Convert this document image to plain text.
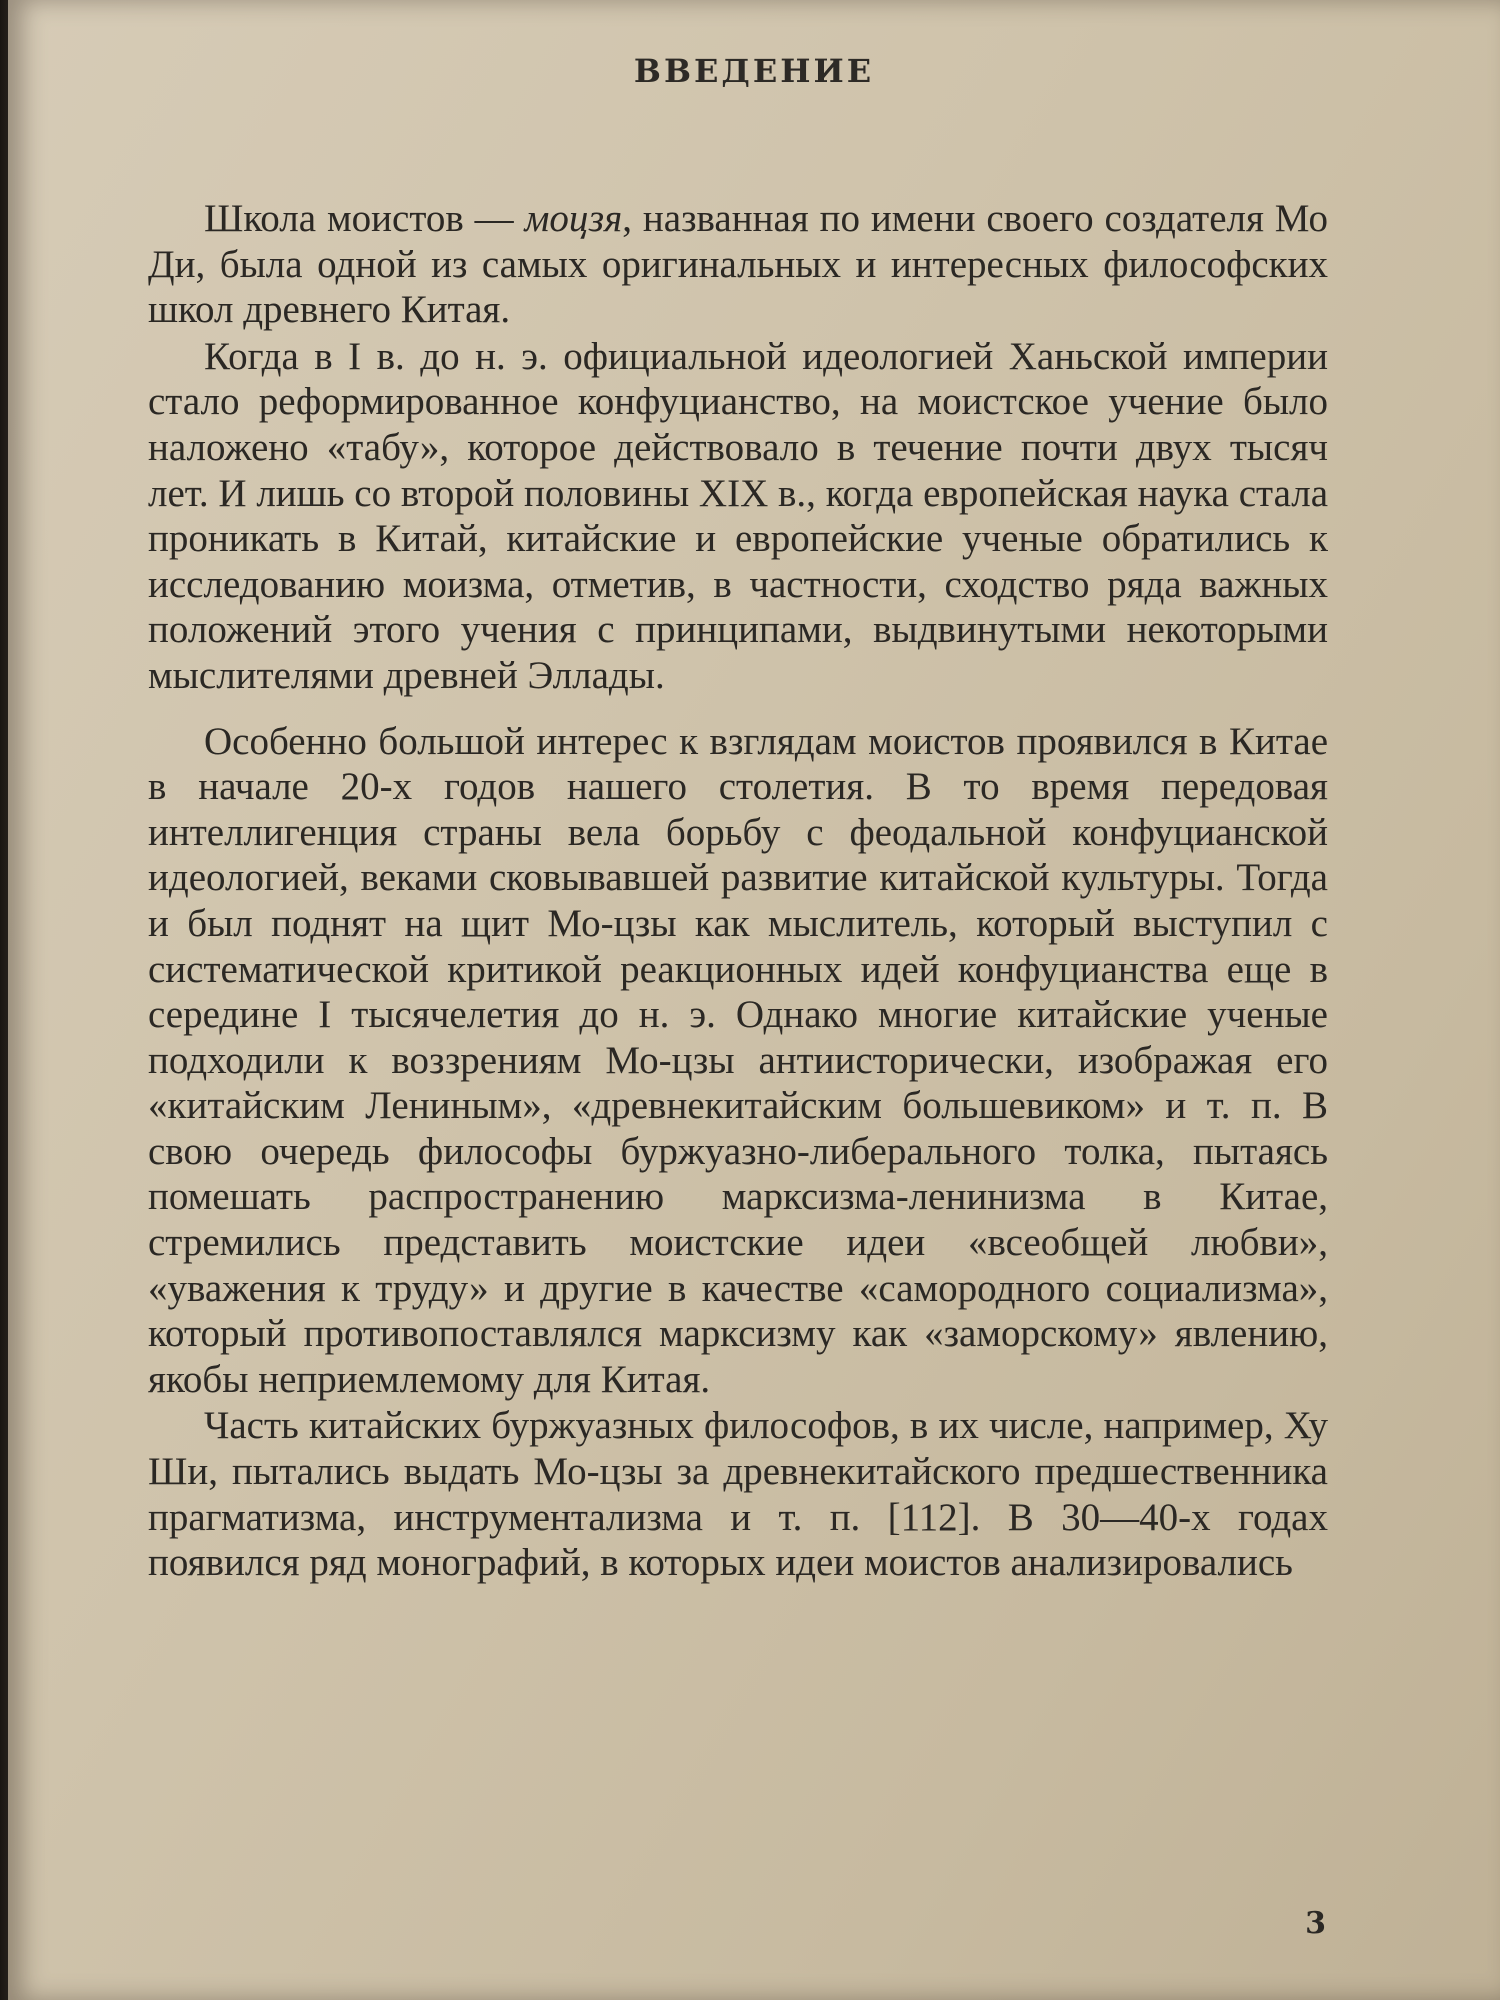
ВВЕДЕНИЕ

Школа моистов — моцзя, названная по имени своего создателя Мо Ди, была одной из самых оригинальных и интересных философских школ древнего Китая.

Когда в I в. до н. э. официальной идеологией Ханьской империи стало реформированное конфуцианство, на моистское учение было наложено «табу», которое действовало в течение почти двух тысяч лет. И лишь со второй половины XIX в., когда европейская наука стала проникать в Китай, китайские и европейские ученые обратились к исследованию моизма, отметив, в частности, сходство ряда важных положений этого учения с принципами, выдвинутыми некоторыми мыслителями древней Эллады.

Особенно большой интерес к взглядам моистов проявился в Китае в начале 20-х годов нашего столетия. В то время передовая интеллигенция страны вела борьбу с феодальной конфуцианской идеологией, веками сковывавшей развитие китайской культуры. Тогда и был поднят на щит Мо-цзы как мыслитель, который выступил с систематической критикой реакционных идей конфуцианства еще в середине I тысячелетия до н. э. Однако многие китайские ученые подходили к воззрениям Мо-цзы антиисторически, изображая его «китайским Лениным», «древнекитайским большевиком» и т. п. В свою очередь философы буржуазно-либерального толка, пытаясь помешать распространению марксизма-ленинизма в Китае, стремились представить моистские идеи «всеобщей любви», «уважения к труду» и другие в качестве «самородного социализма», который противопоставлялся марксизму как «заморскому» явлению, якобы неприемлемому для Китая.

Часть китайских буржуазных философов, в их числе, например, Ху Ши, пытались выдать Мо-цзы за древнекитайского предшественника прагматизма, инструментализма и т. п. [112]. В 30—40-х годах появился ряд монографий, в которых идеи моистов анализировались

3
